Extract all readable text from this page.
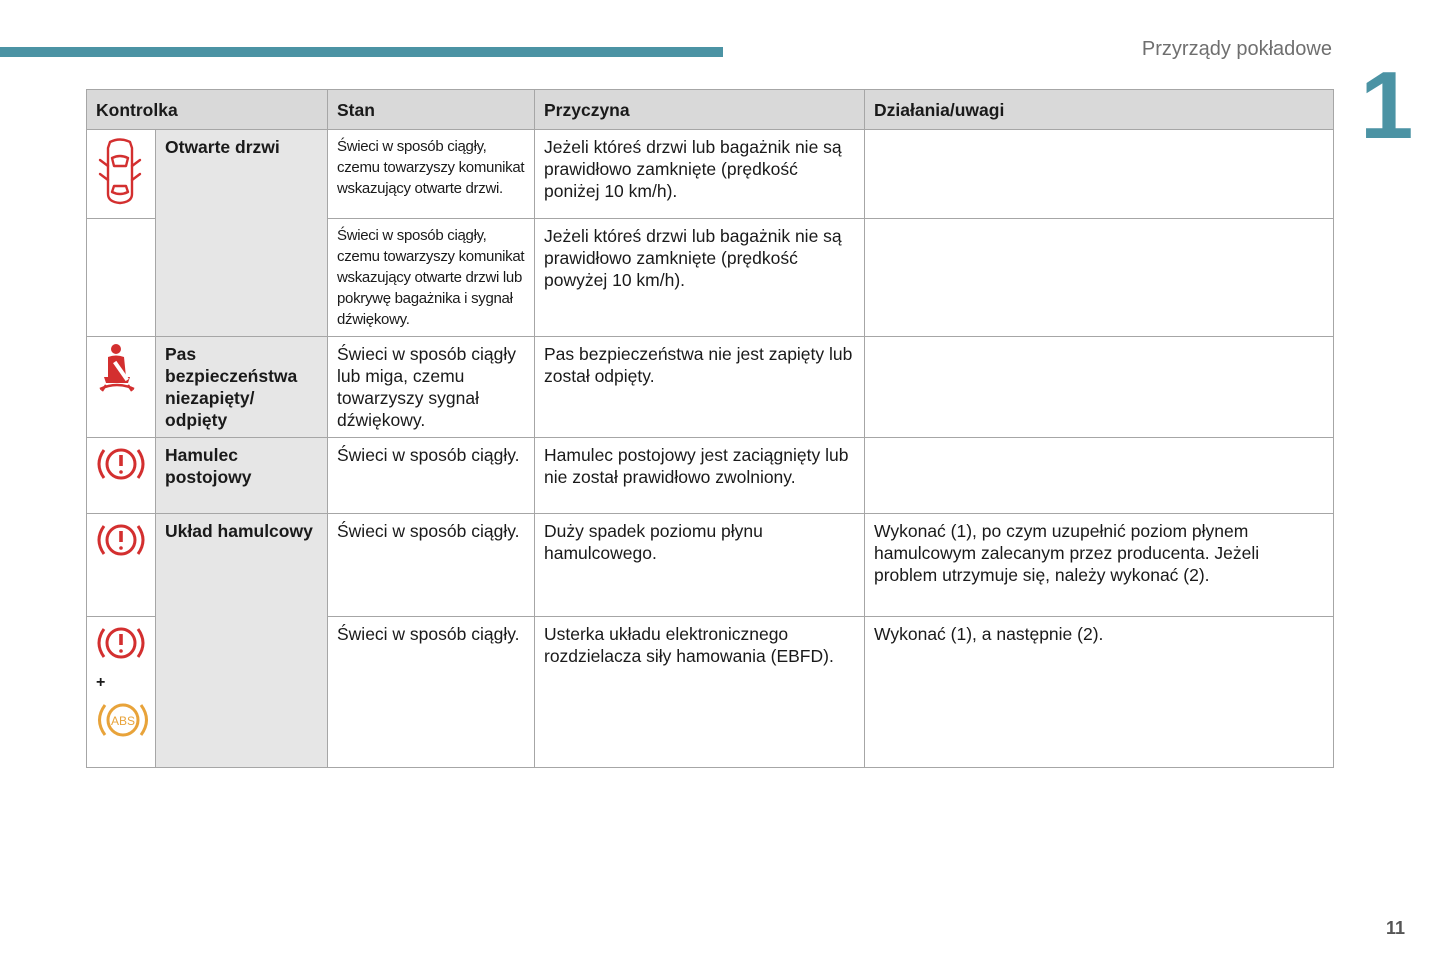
Przyrządy pokładowe
1
Kontrolka		Stan	Przyczyna	Działania/uwagi
	Otwarte drzwi	Świeci w sposób ciągły, czemu towarzyszy komunikat wskazujący otwarte drzwi.	Jeżeli któreś drzwi lub bagażnik nie są prawidłowo zamknięte (prędkość poniżej 10 km/h).	
		Świeci w sposób ciągły, czemu towarzyszy komunikat wskazujący otwarte drzwi lub pokrywę bagażnika i sygnał dźwiękowy.	Jeżeli któreś drzwi lub bagażnik nie są prawidłowo zamknięte (prędkość powyżej 10 km/h).	
	Pas bezpieczeństwa niezapięty/ odpięty	Świeci w sposób ciągły lub miga, czemu towarzyszy sygnał dźwiękowy.	Pas bezpieczeństwa nie jest zapięty lub został odpięty.	
	Hamulec postojowy	Świeci w sposób ciągły.	Hamulec postojowy jest zaciągnięty lub nie został prawidłowo zwolniony.	
	Układ hamulcowy	Świeci w sposób ciągły.	Duży spadek poziomu płynu hamulcowego.	Wykonać (1), po czym uzupełnić poziom płynem hamulcowym zalecanym przez producenta. Jeżeli problem utrzymuje się, należy wykonać (2).

+
ABS		Świeci w sposób ciągły.	Usterka układu elektronicznego rozdzielacza siły hamowania (EBFD).	Wykonać (1), a następnie (2).
11
